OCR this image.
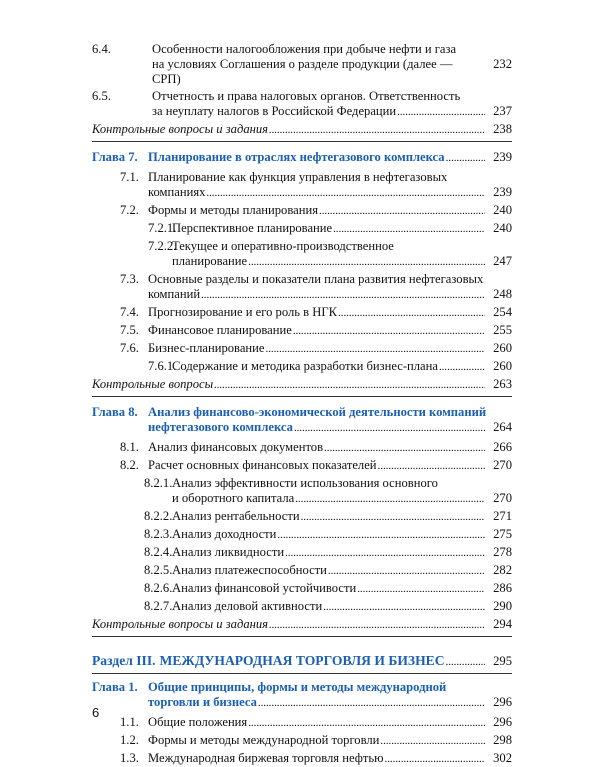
6.4.	Особенности налогообложения при добыче нефти и газа
на условиях Соглашения о разделе продукции (далее — СРП)
232
6.5.	Отчетность и права налоговых органов. Ответственность
за неуплату налогов в Российской Федерации . . .	237
Контрольные вопросы и задания . . .	238
Глава 7. Планирование в отраслях нефтегазового комплекса . . .	239
7.1. Планирование как функция управления в нефтегазовых
компаниях . . .	239
7.2. Формы и методы планирования . . .	240
7.2.1.
Перспективное планирование . . .	240
7.2.2.
Текущее и оперативно-производственное
планирование . . .	247
7.3. Основные разделы и показатели плана развития нефтегазовых
компаний . . .	248
7.4. Прогнозирование и его роль в НГК . . .	254
7.5. Финансовое планирование . . .	255
7.6. Бизнес-планирование . . .	260
7.6.1.
Содержание и методика разработки бизнес-плана . . .	260
Контрольные вопросы . . .	263
Глава 8. Анализ финансово-экономической деятельности компаний
нефтегазового комплекса . . .	264
8.1. Анализ финансовых документов . . .	266
8.2. Расчет основных финансовых показателей . . .	270
8.2.1. Анализ эффективности использования основного
и оборотного капитала . . .	270
8.2.2. Анализ рентабельности . . .	271
8.2.3. Анализ доходности . . .	275
8.2.4. Анализ ликвидности . . .	278
8.2.5. Анализ платежеспособности . . .	282
8.2.6. Анализ финансовой устойчивости . . .	286
8.2.7. Анализ деловой активности . . .	290
Контрольные вопросы и задания . . .	294
Раздел III. МЕЖДУНАРОДНАЯ ТОРГОВЛЯ И БИЗНЕС . . .	295
Глава 1. Общие принципы, формы и методы международной
торговли и бизнеса . . .	296
1.1. Общие положения . . .	296
1.2. Формы и методы международной торговли . . .	298
1.3. Международная биржевая торговля нефтью . . .	302
6
